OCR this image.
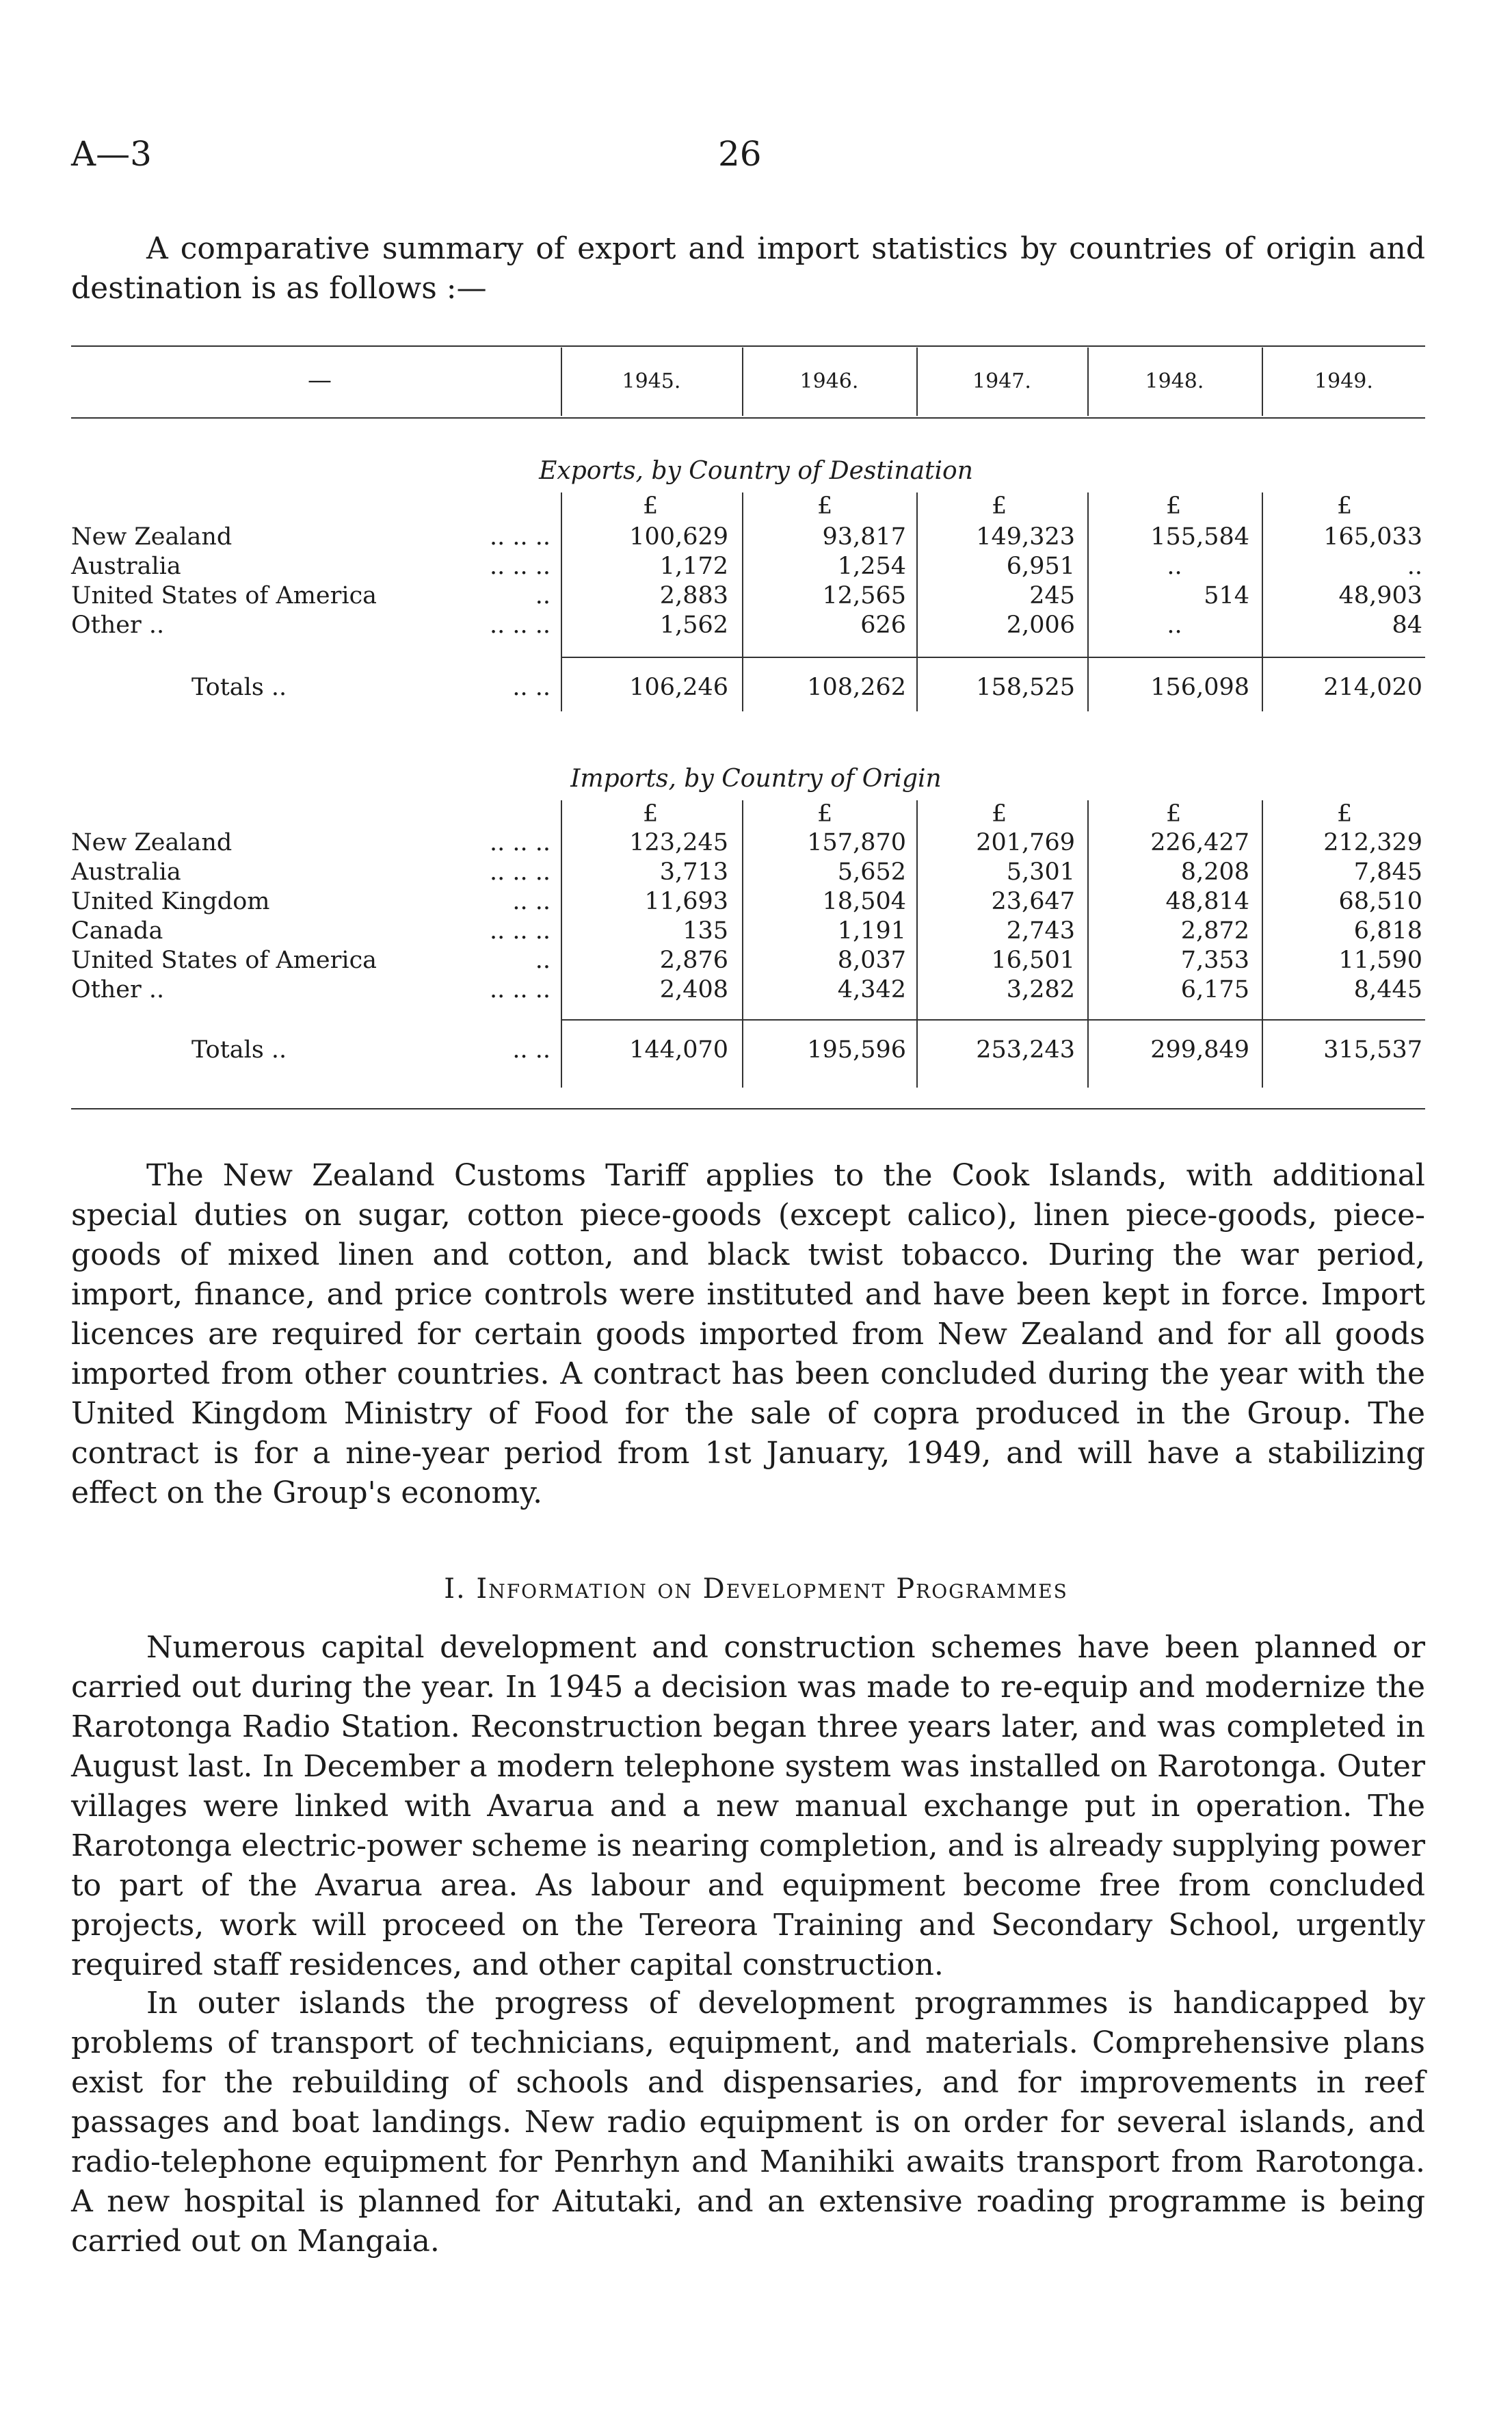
A—3	26

A comparative summary of export and import statistics by countries of origin and destination is as follows :—

—	1945.	1946.	1947.	1948.	1949.
Exports, by Country of Destination
£	£	£	£	£
New Zealand	.. .. ..	100,629	93,817	149,323	155,584	165,033
Australia	.. .. ..	1,172	1,254	6,951	..	..
United States of America	..	2,883	12,565	245	514	48,903
Other ..	.. .. ..	1,562	626	2,006	..	84
Totals ..	.. ..	106,246	108,262	158,525	156,098	214,020
Imports, by Country of Origin
£	£	£	£	£
New Zealand	.. .. ..	123,245	157,870	201,769	226,427	212,329
Australia	.. .. ..	3,713	5,652	5,301	8,208	7,845
United Kingdom	.. ..	11,693	18,504	23,647	48,814	68,510
Canada	.. .. ..	135	1,191	2,743	2,872	6,818
United States of America	..	2,876	8,037	16,501	7,353	11,590
Other ..	.. .. ..	2,408	4,342	3,282	6,175	8,445
Totals ..	.. ..	144,070	195,596	253,243	299,849	315,537

The New Zealand Customs Tariff applies to the Cook Islands, with additional special duties on sugar, cotton piece-goods (except calico), linen piece-goods, piece-goods of mixed linen and cotton, and black twist tobacco. During the war period, import, finance, and price controls were instituted and have been kept in force. Import licences are required for certain goods imported from New Zealand and for all goods imported from other countries. A contract has been concluded during the year with the United Kingdom Ministry of Food for the sale of copra produced in the Group. The contract is for a nine-year period from 1st January, 1949, and will have a stabilizing effect on the Group's economy.

I. Information on Development Programmes

Numerous capital development and construction schemes have been planned or carried out during the year. In 1945 a decision was made to re-equip and modernize the Rarotonga Radio Station. Reconstruction began three years later, and was completed in August last. In December a modern telephone system was installed on Rarotonga. Outer villages were linked with Avarua and a new manual exchange put in operation. The Rarotonga electric-power scheme is nearing completion, and is already supplying power to part of the Avarua area. As labour and equipment become free from concluded projects, work will proceed on the Tereora Training and Secondary School, urgently required staff residences, and other capital construction.

In outer islands the progress of development programmes is handicapped by problems of transport of technicians, equipment, and materials. Comprehensive plans exist for the rebuilding of schools and dispensaries, and for improvements in reef passages and boat landings. New radio equipment is on order for several islands, and radio-telephone equipment for Penrhyn and Manihiki awaits transport from Rarotonga. A new hospital is planned for Aitutaki, and an extensive roading programme is being carried out on Mangaia.
